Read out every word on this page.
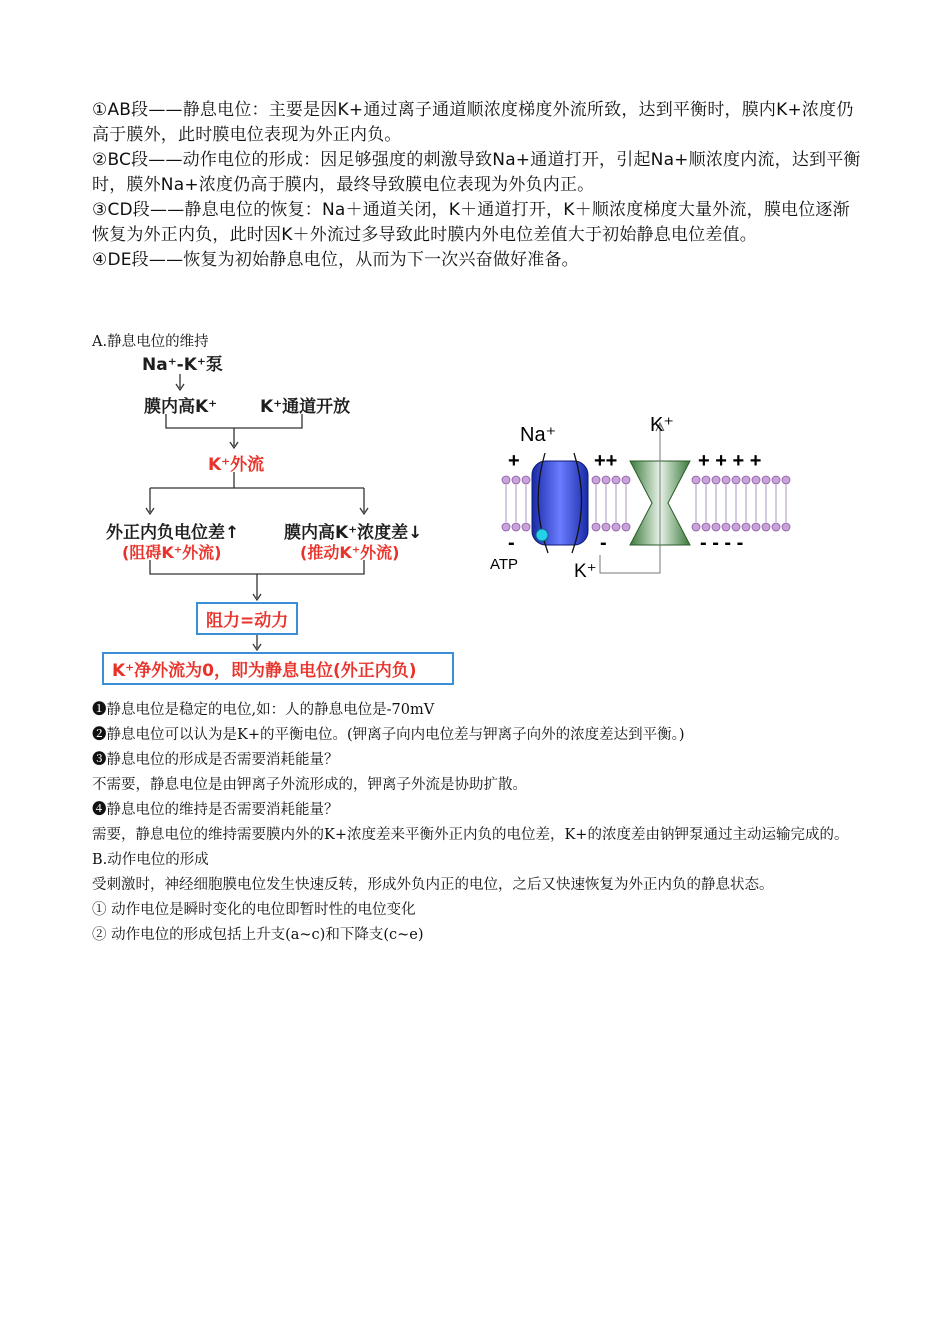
①AB段——静息电位：主要是因K+通过离子通道顺浓度梯度外流所致，达到平衡时，膜内K+浓度仍高于膜外，此时膜电位表现为外正内负。

②BC段——动作电位的形成：因足够强度的刺激导致Na+通道打开，引起Na+顺浓度内流，达到平衡时，膜外Na+浓度仍高于膜内，最终导致膜电位表现为外负内正。

③CD段——静息电位的恢复：Na＋通道关闭，K＋通道打开，K＋顺浓度梯度大量外流，膜电位逐渐恢复为外正内负，此时因K＋外流过多导致此时膜内外电位差值大于初始静息电位差值。

④DE段——恢复为初始静息电位，从而为下一次兴奋做好准备。

A.静息电位的维持
Na⁺-K⁺泵
膜内高K⁺	K⁺通道开放
K⁺外流
外正内负电位差↑
(阻碍K⁺外流)
膜内高K⁺浓度差↓
(推动K⁺外流)
阻力=动力
K⁺净外流为0，即为静息电位(外正内负)
Na⁺	K⁺
K⁺
ATP
+	++	+ + + +
-	-	- - - -

❶静息电位是稳定的电位,如：人的静息电位是-70mV

❷静息电位可以认为是K+的平衡电位。(钾离子向内电位差与钾离子向外的浓度差达到平衡。)

❸静息电位的形成是否需要消耗能量？

不需要，静息电位是由钾离子外流形成的，钾离子外流是协助扩散。

❹静息电位的维持是否需要消耗能量？

需要，静息电位的维持需要膜内外的K+浓度差来平衡外正内负的电位差，K+的浓度差由钠钾泵通过主动运输完成的。

B.动作电位的形成

受刺激时，神经细胞膜电位发生快速反转，形成外负内正的电位，之后又快速恢复为外正内负的静息状态。

① 动作电位是瞬时变化的电位即暂时性的电位变化

② 动作电位的形成包括上升支(a~c)和下降支(c~e)
